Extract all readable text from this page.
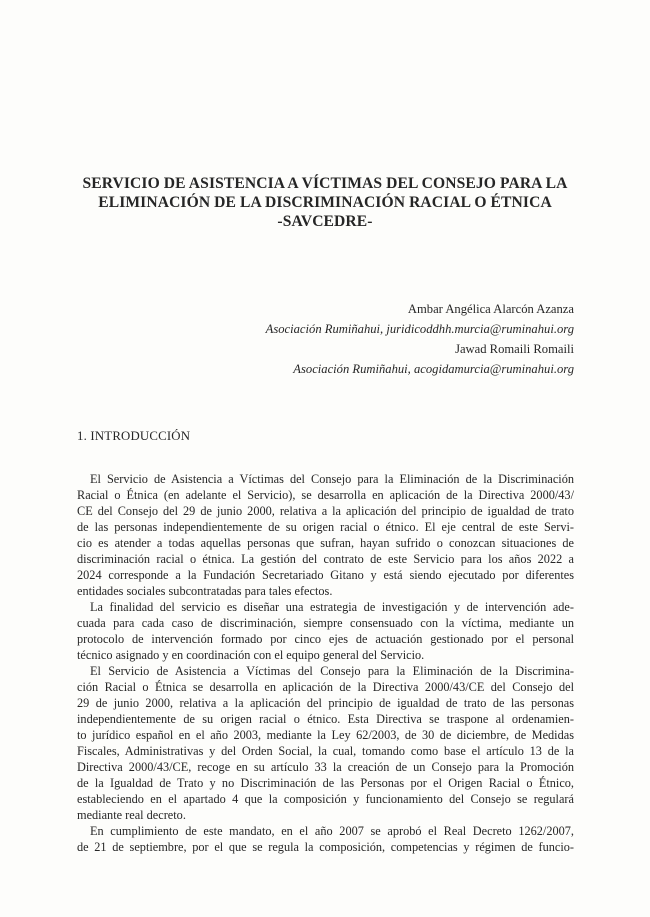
SERVICIO DE ASISTENCIA A VÍCTIMAS DEL CONSEJO PARA LA
ELIMINACIÓN DE LA DISCRIMINACIÓN RACIAL O ÉTNICA
-SAVCEDRE-
Ambar Angélica Alarcón Azanza
Asociación Rumiñahui, juridicoddhh.murcia@ruminahui.org
Jawad Romaili Romaili
Asociación Rumiñahui, acogidamurcia@ruminahui.org
1. INTRODUCCIÓN
El Servicio de Asistencia a Víctimas del Consejo para la Eliminación de la Discriminación
Racial o Étnica (en adelante el Servicio), se desarrolla en aplicación de la Directiva 2000/43/
CE del Consejo del 29 de junio 2000, relativa a la aplicación del principio de igualdad de trato
de las personas independientemente de su origen racial o étnico. El eje central de este Servi-
cio es atender a todas aquellas personas que sufran, hayan sufrido o conozcan situaciones de
discriminación racial o étnica. La gestión del contrato de este Servicio para los años 2022 a
2024 corresponde a la Fundación Secretariado Gitano y está siendo ejecutado por diferentes
entidades sociales subcontratadas para tales efectos.
La finalidad del servicio es diseñar una estrategia de investigación y de intervención ade-
cuada para cada caso de discriminación, siempre consensuado con la víctima, mediante un
protocolo de intervención formado por cinco ejes de actuación gestionado por el personal
técnico asignado y en coordinación con el equipo general del Servicio.
El Servicio de Asistencia a Víctimas del Consejo para la Eliminación de la Discrimina-
ción Racial o Étnica se desarrolla en aplicación de la Directiva 2000/43/CE del Consejo del
29 de junio 2000, relativa a la aplicación del principio de igualdad de trato de las personas
independientemente de su origen racial o étnico. Esta Directiva se traspone al ordenamien-
to jurídico español en el año 2003, mediante la Ley 62/2003, de 30 de diciembre, de Medidas
Fiscales, Administrativas y del Orden Social, la cual, tomando como base el artículo 13 de la
Directiva 2000/43/CE, recoge en su artículo 33 la creación de un Consejo para la Promoción
de la Igualdad de Trato y no Discriminación de las Personas por el Origen Racial o Étnico,
estableciendo en el apartado 4 que la composición y funcionamiento del Consejo se regulará
mediante real decreto.
En cumplimiento de este mandato, en el año 2007 se aprobó el Real Decreto 1262/2007,
de 21 de septiembre, por el que se regula la composición, competencias y régimen de funcio-
